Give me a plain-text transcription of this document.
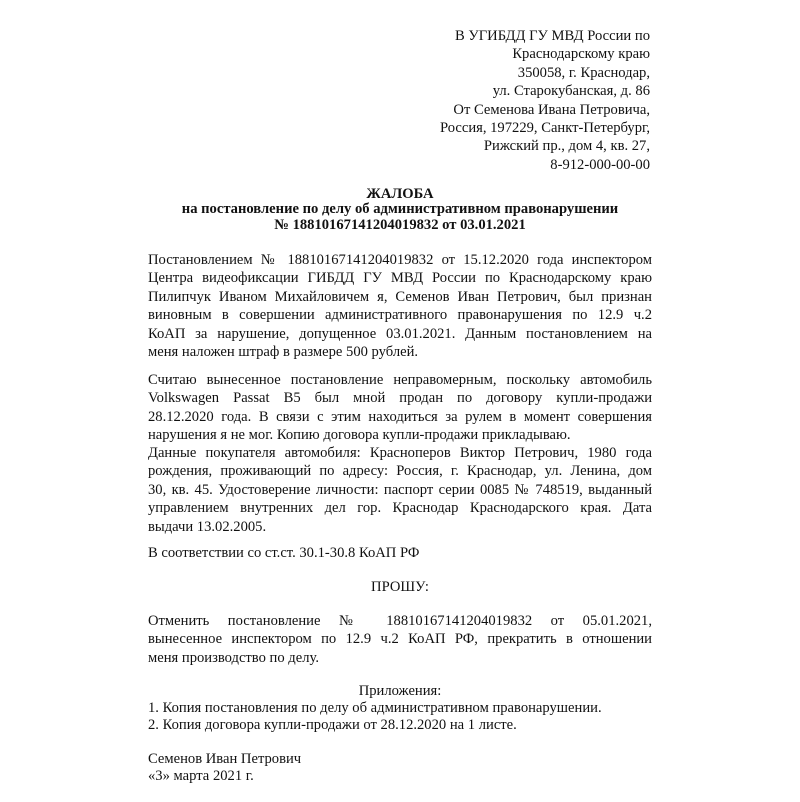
В УГИБДД ГУ МВД России по
Краснодарскому краю
350058, г. Краснодар,
ул. Старокубанская, д. 86
От Семенова Ивана Петровича,
Россия, 197229, Санкт-Петербург,
Рижский пр., дом 4, кв. 27,
8-912-000-00-00
ЖАЛОБА
на постановление по делу об административном правонарушении
№ 18810167141204019832 от 03.01.2021
Постановлением № 18810167141204019832 от 15.12.2020 года инспектором
Центра видеофиксации ГИБДД ГУ МВД России по Краснодарскому краю
Пилипчук Иваном Михайловичем я, Семенов Иван Петрович, был признан
виновным в совершении административного правонарушения по 12.9 ч.2
КоАП за нарушение, допущенное 03.01.2021. Данным постановлением на
меня наложен штраф в размере 500 рублей.
Считаю вынесенное постановление неправомерным, поскольку автомобиль
Volkswagen Passat B5 был мной продан по договору купли-продажи
28.12.2020 года. В связи с этим находиться за рулем в момент совершения
нарушения я не мог. Копию договора купли-продажи прикладываю.
Данные покупателя автомобиля: Красноперов Виктор Петрович, 1980 года
рождения, проживающий по адресу: Россия, г. Краснодар, ул. Ленина, дом
30, кв. 45. Удостоверение личности: паспорт серии 0085 № 748519, выданный
управлением внутренних дел гор. Краснодар Краснодарского края. Дата
выдачи 13.02.2005.
В соответствии со ст.ст. 30.1-30.8 КоАП РФ
ПРОШУ:
Отменить постановление № 18810167141204019832 от 05.01.2021,
вынесенное инспектором по 12.9 ч.2 КоАП РФ, прекратить в отношении
меня производство по делу.
Приложения:
1. Копия постановления по делу об административном правонарушении.
2. Копия договора купли-продажи от 28.12.2020 на 1 листе.
Семенов Иван Петрович
«3» марта 2021 г.
